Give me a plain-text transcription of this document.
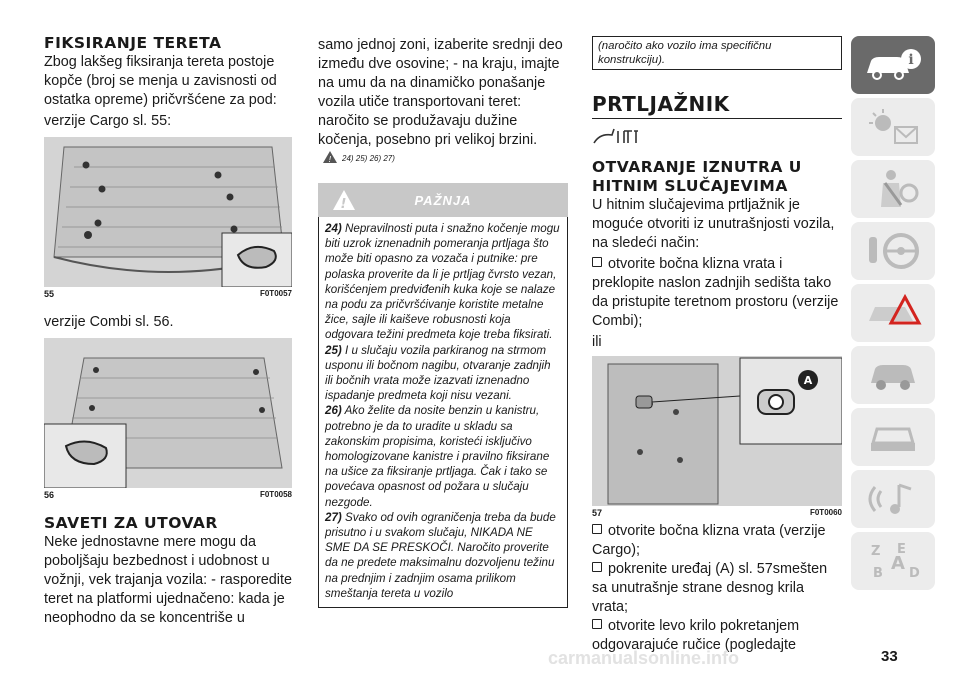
FIKSIRANJE TERETA

Zbog lakšeg fiksiranja tereta postoje kopče (broj se menja u zavisnosti od ostatka opreme) pričvršćene za pod:

verzije Cargo sl. 55:

55	F0T0057

verzije Combi sl. 56.

56	F0T0058
SAVETI ZA UTOVAR

Neke jednostavne mere mogu da poboljšaju bezbednost i udobnost u vožnji, vek trajanja vozila: - rasporedite teret na platformi ujednačeno: kada je neophodno da se koncentriše u

samo jednoj zoni, izaberite srednji deo između dve osovine; - na kraju, imajte na umu da na dinamičko ponašanje vozila utiče transportovani teret: naročito se produžavaju dužine kočenja, posebno pri velikoj brzini.

! 24) 25) 26) 27)
!	PAŽNJA

24) Nepravilnosti puta i snažno kočenje mogu biti uzrok iznenadnih pomeranja prtljaga što može biti opasno za vozača i putnike: pre polaska proverite da li je prtljag čvrsto vezan, korišćenjem predviđenih kuka koje se nalaze na podu za pričvršćivanje koristite metalne žice, sajle ili kaiševe robusnosti koja odgovara težini predmeta koje treba fiksirati.

25) I u slučaju vozila parkiranog na strmom usponu ili bočnom nagibu, otvaranje zadnjih ili bočnih vrata može izazvati iznenadno ispadanje predmeta koji nisu vezani.

26) Ako želite da nosite benzin u kanistru, potrebno je da to uradite u skladu sa zakonskim propisima, koristeći isključivo homologizovane kanistre i pravilno fiksirane na ušice za fiksiranje prtljaga. Čak i tako se povećava opasnost od požara u slučaju nezgode.

27) Svako od ovih ograničenja treba da bude prisutno i u svakom slučaju, NIKADA NE SME DA SE PRESKOČI. Naročito proverite da ne predete maksimalnu dozvoljenu težinu na prednjim i zadnjim osama prilikom smeštanja tereta u vozilo

(naročito ako vozilo ima specifičnu konstrukciju).
PRTLJAŽNIK
OTVARANJE IZNUTRA U HITNIM SLUČAJEVIMA

U hitnim slučajevima prtljažnik je moguće otvoriti iz unutrašnjosti vozila, na sledeći način:

otvorite bočna klizna vrata i preklopite naslon zadnjih sedišta tako da pristupite teretnom prostoru (verzije Combi);

ili

A
57	F0T0060

otvorite bočna klizna vrata (verzije Cargo);

pokrenite uređaj (A) sl. 57smešten sa unutrašnje strane desnog krila vrata;

otvorite levo krilo pokretanjem odgovarajuće ručice (pogledajte

i
Z E
B A D
33
carmanualsonline.info
